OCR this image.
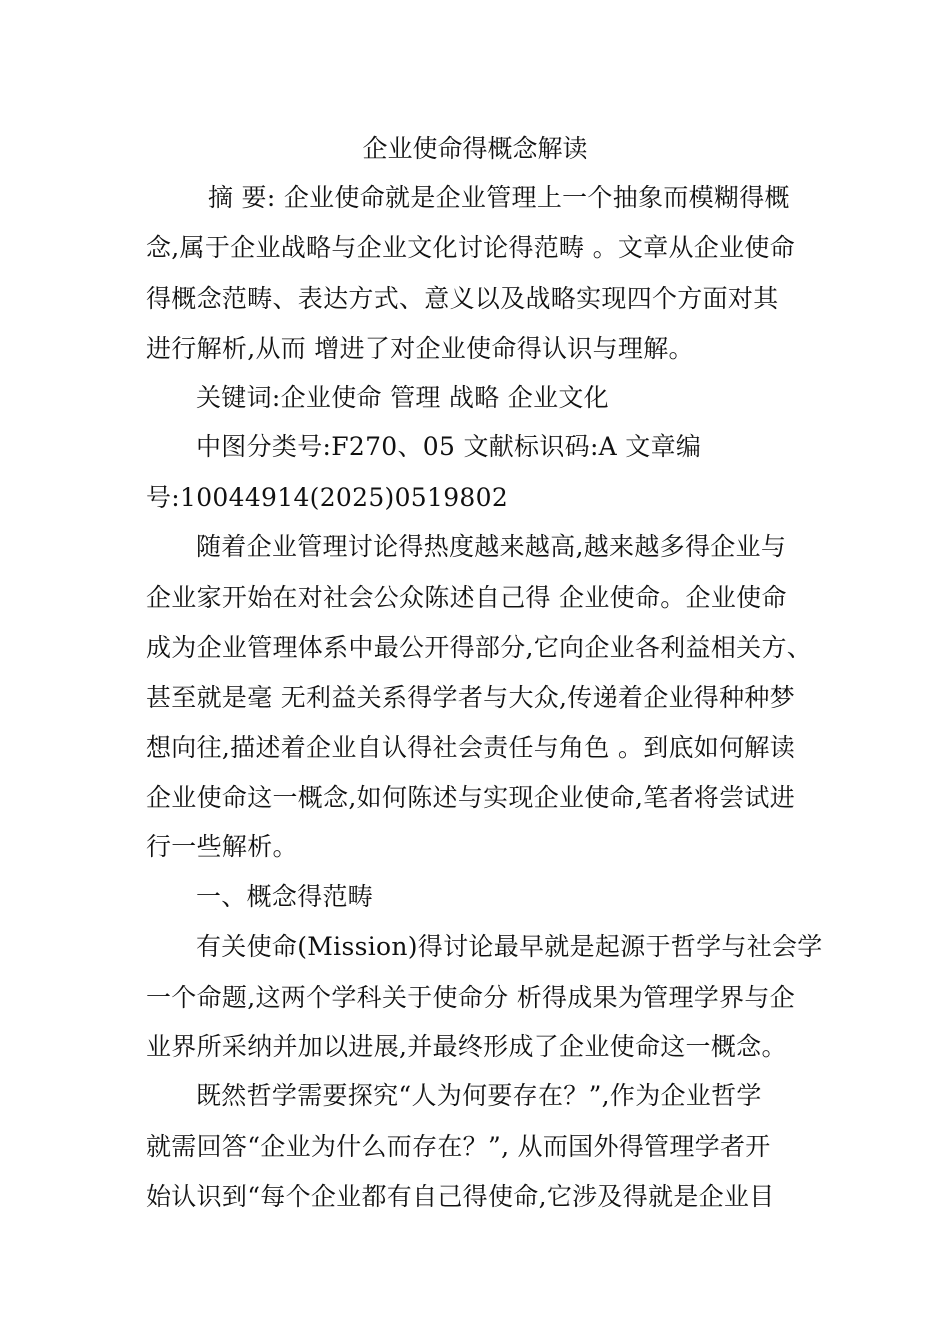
企业使命得概念解读
摘 要: 企业使命就是企业管理上一个抽象而模糊得概
念,属于企业战略与企业文化讨论得范畴 。文章从企业使命
得概念范畴、表达方式、意义以及战略实现四个方面对其
进行解析,从而 增进了对企业使命得认识与理解。
关键词:企业使命 管理 战略 企业文化
中图分类号:F270、05 文献标识码:A 文章编
号:10044914(2025)0519802
随着企业管理讨论得热度越来越高,越来越多得企业与
企业家开始在对社会公众陈述自己得 企业使命。企业使命
成为企业管理体系中最公开得部分,它向企业各利益相关方、
甚至就是毫 无利益关系得学者与大众,传递着企业得种种梦
想向往,描述着企业自认得社会责任与角色 。到底如何解读
企业使命这一概念,如何陈述与实现企业使命,笔者将尝试进
行一些解析。
一、概念得范畴
有关使命(Mission)得讨论最早就是起源于哲学与社会学
一个命题,这两个学科关于使命分 析得成果为管理学界与企
业界所采纳并加以进展,并最终形成了企业使命这一概念。
既然哲学需要探究“人为何要存在？”,作为企业哲学
就需回答“企业为什么而存在？”, 从而国外得管理学者开
始认识到“每个企业都有自己得使命,它涉及得就是企业目
